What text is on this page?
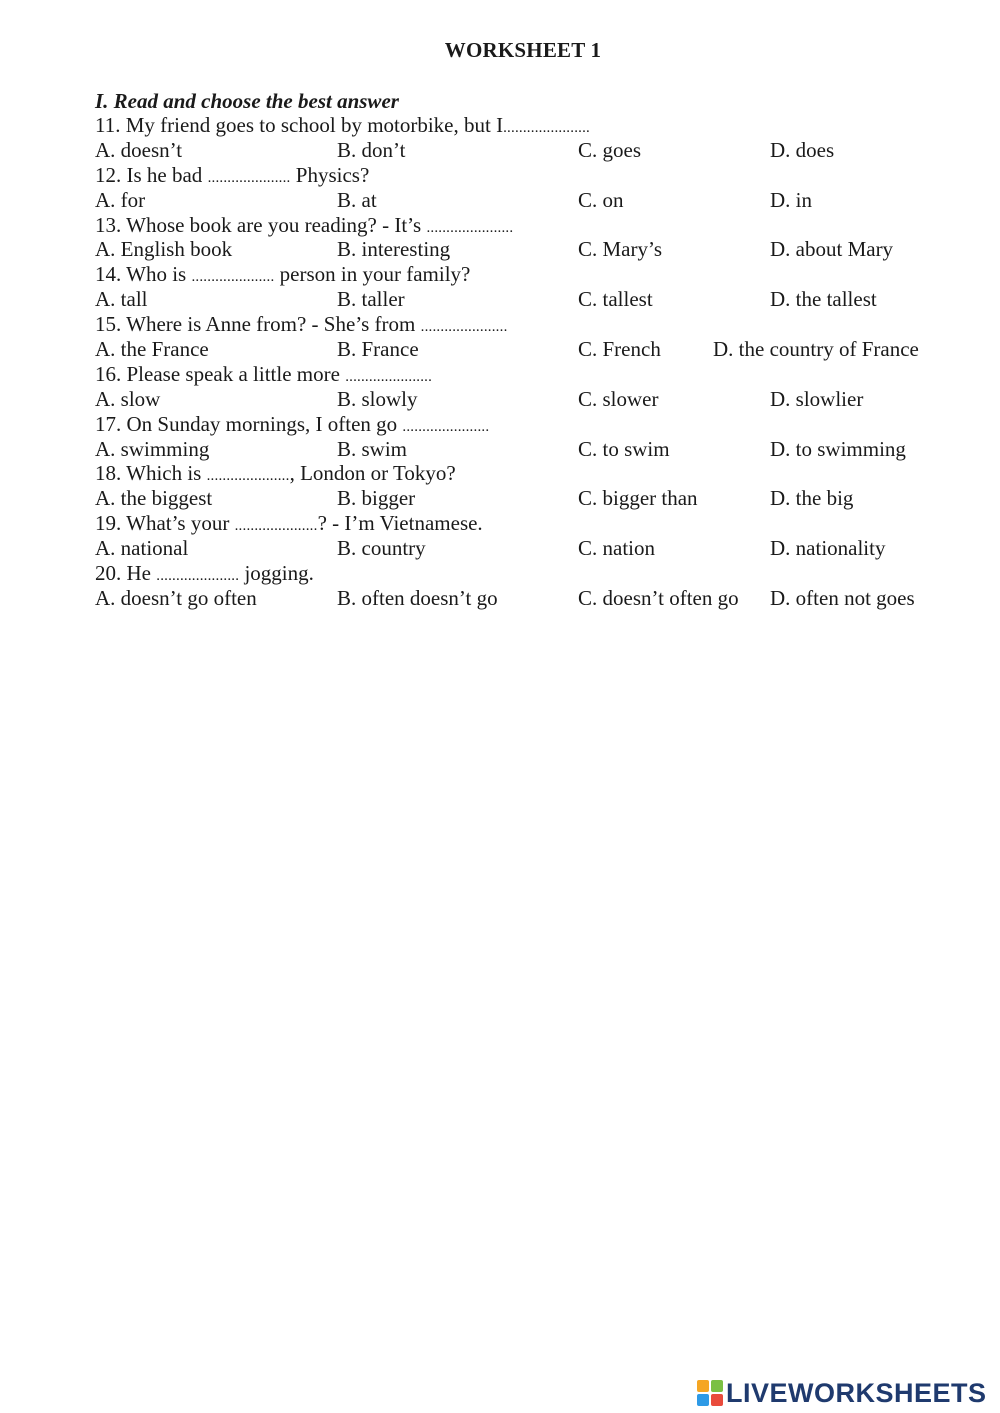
WORKSHEET 1
I. Read and choose the best answer
11. My friend goes to school by motorbike, but I......................
A. doesn’t	B. don’t	C. goes	D. does
12. Is he bad ..................... Physics?
A. for	B. at	C. on	D. in
13. Whose book are you reading? - It’s ......................
A. English book	B. interesting	C. Mary’s	D. about Mary
14. Who is ..................... person in your family?
A. tall	B. taller	C. tallest	D. the tallest
15. Where is Anne from? - She’s from ......................
A. the France	B. France	C. French D. the country of France
16. Please speak a little more ......................
A. slow	B. slowly	C. slower	D. slowlier
17. On Sunday mornings, I often go ......................
A. swimming	B. swim	C. to swim	D. to swimming
18. Which is ....................., London or Tokyo?
A. the biggest	B. bigger	C. bigger than	D. the big
19. What’s your .....................? - I’m Vietnamese.
A. national	B. country	C. nation	D. nationality
20. He ..................... jogging.
A. doesn’t go often	B. often doesn’t go	C. doesn’t often go D. often not goes
LIVEWORKSHEETS
